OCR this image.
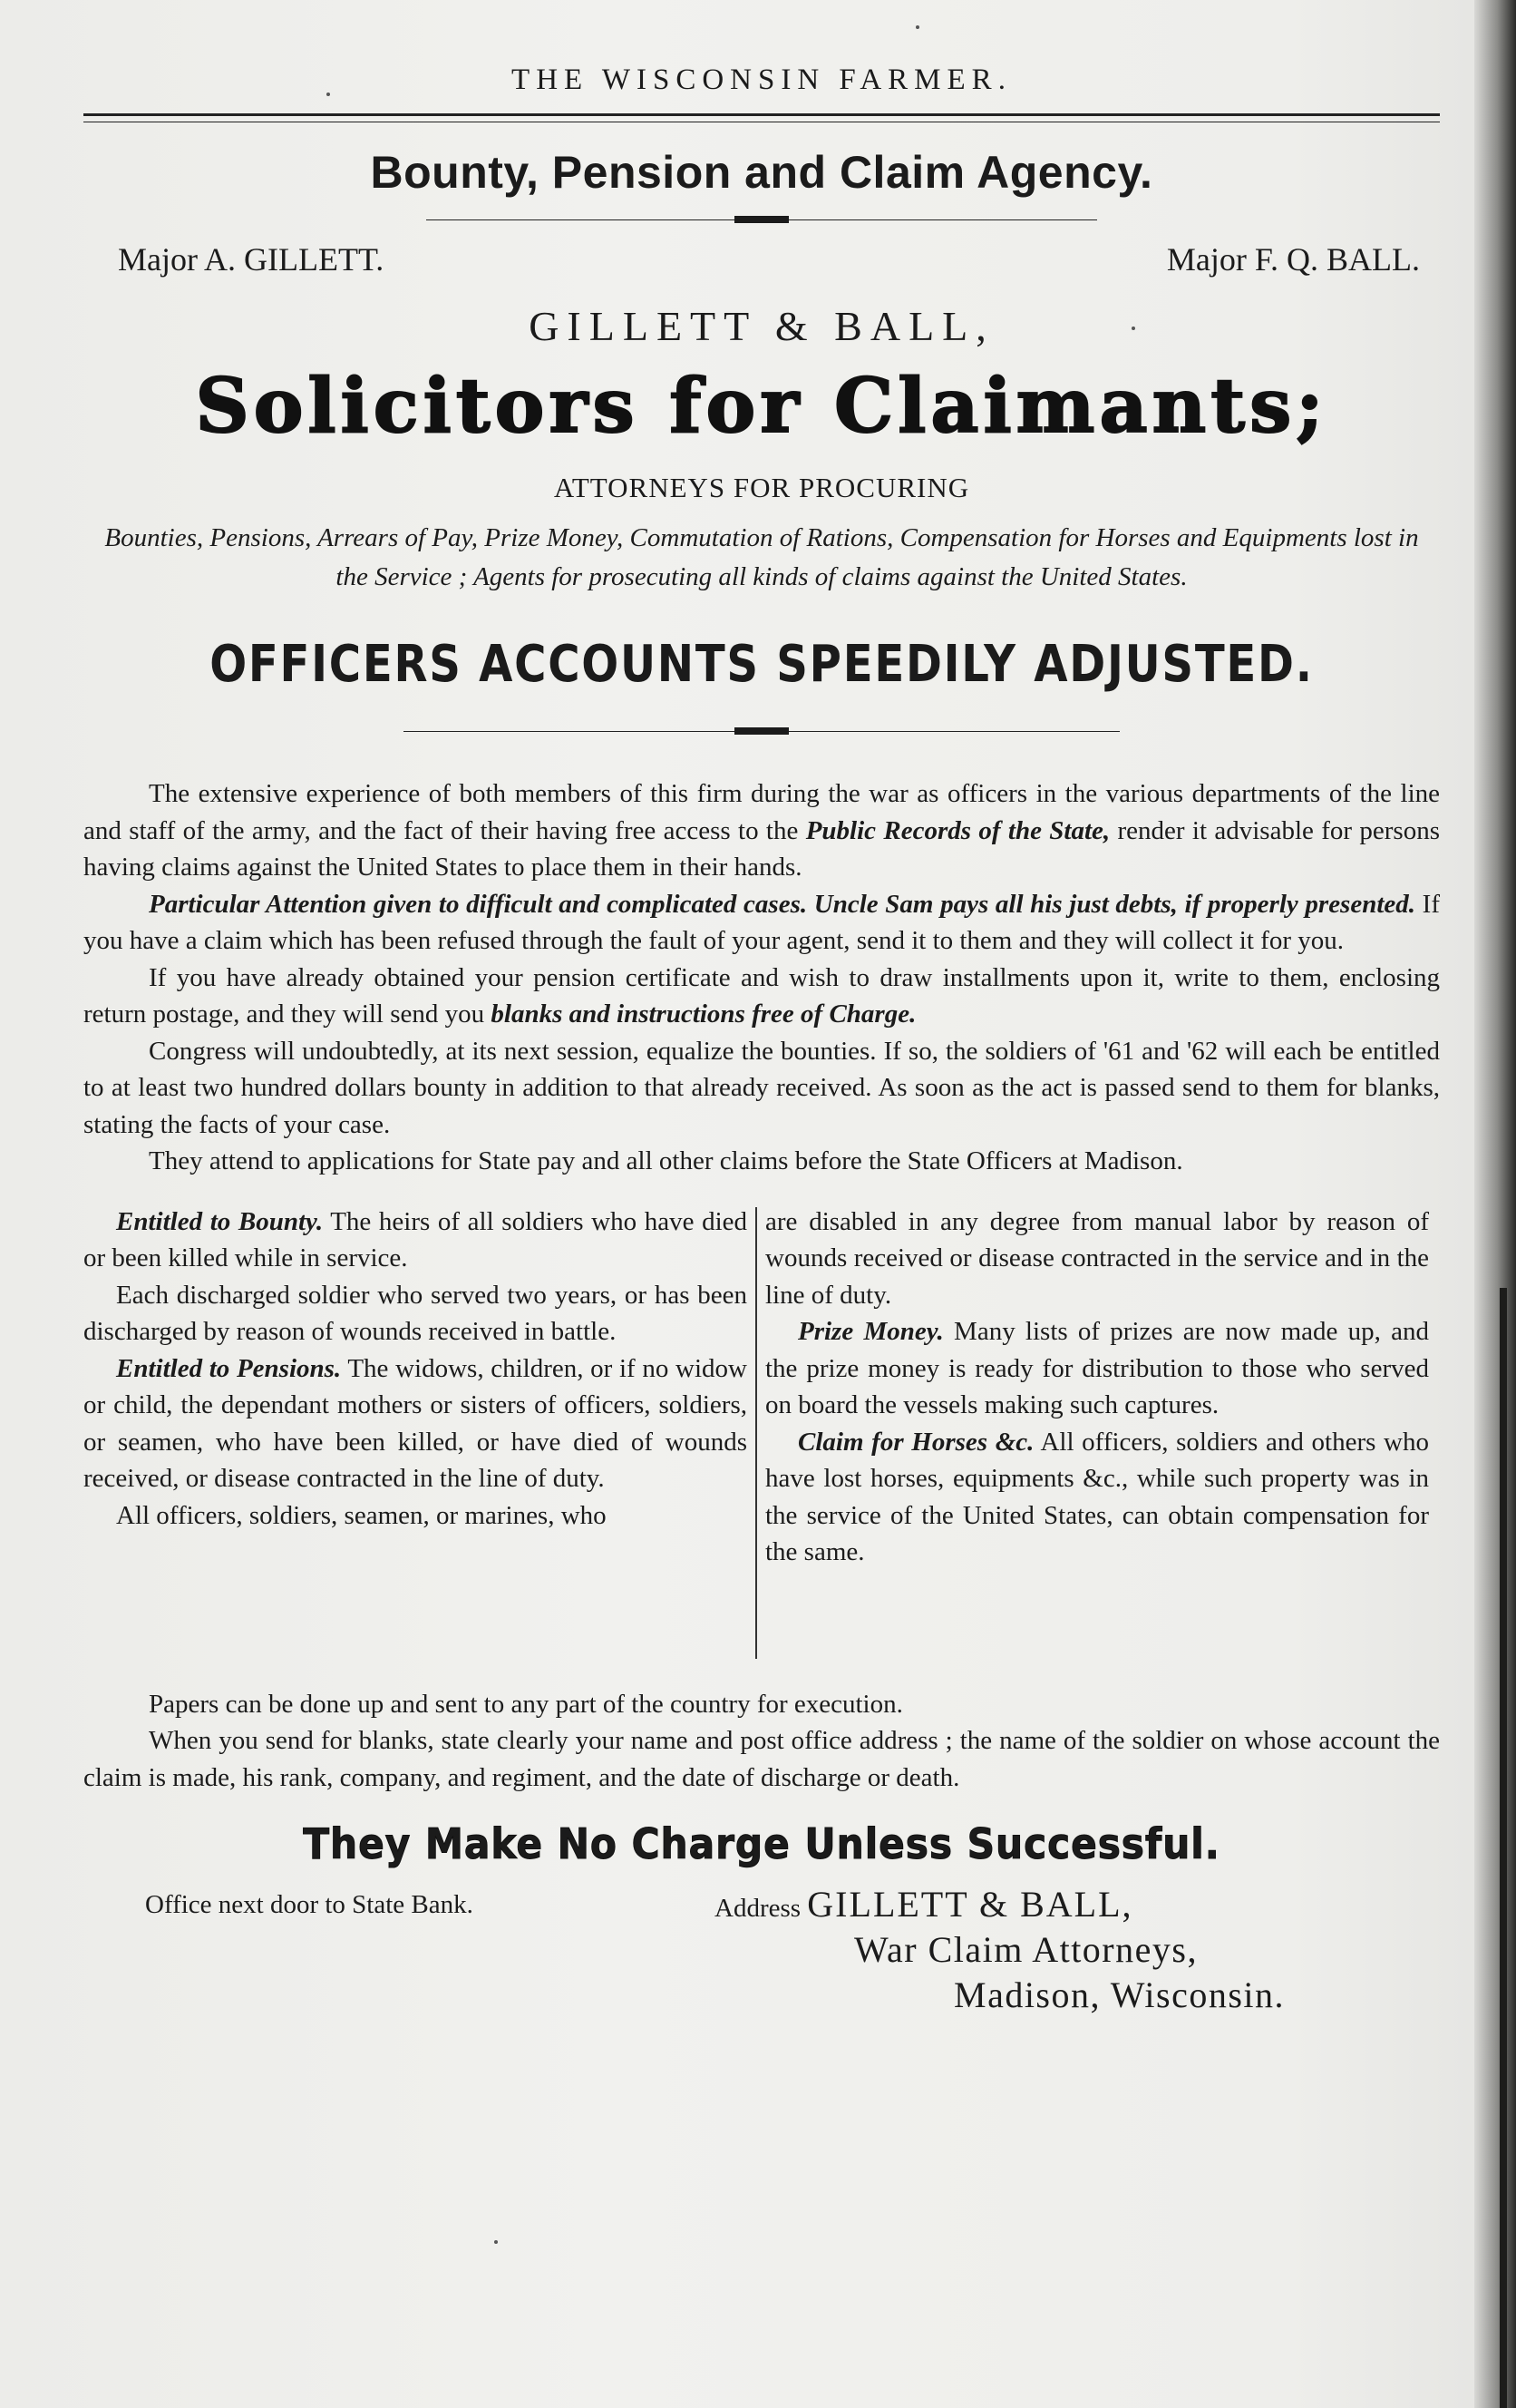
THE WISCONSIN FARMER.
Bounty, Pension and Claim Agency.
Major A. GILLETT.	Major F. Q. BALL.
GILLETT & BALL,
Solicitors for Claimants;
ATTORNEYS FOR PROCURING
Bounties, Pensions, Arrears of Pay, Prize Money, Commutation of Rations, Compensation for Horses and Equipments lost in the Service ; Agents for prosecuting all kinds of claims against the United States.
OFFICERS ACCOUNTS SPEEDILY ADJUSTED.

The extensive experience of both members of this firm during the war as officers in the various departments of the line and staff of the army, and the fact of their having free access to the Public Records of the State, render it advisable for persons having claims against the United States to place them in their hands.

Particular Attention given to difficult and complicated cases. Uncle Sam pays all his just debts, if properly presented. If you have a claim which has been refused through the fault of your agent, send it to them and they will collect it for you.

If you have already obtained your pension certificate and wish to draw installments upon it, write to them, enclosing return postage, and they will send you blanks and instructions free of Charge.

Congress will undoubtedly, at its next session, equalize the bounties. If so, the soldiers of '61 and '62 will each be entitled to at least two hundred dollars bounty in addition to that already received. As soon as the act is passed send to them for blanks, stating the facts of your case.

They attend to applications for State pay and all other claims before the State Officers at Madison.

Entitled to Bounty. The heirs of all soldiers who have died or been killed while in service.

Each discharged soldier who served two years, or has been discharged by reason of wounds received in battle.

Entitled to Pensions. The widows, children, or if no widow or child, the dependant mothers or sisters of officers, soldiers, or seamen, who have been killed, or have died of wounds received, or disease contracted in the line of duty.

All officers, soldiers, seamen, or marines, who

are disabled in any degree from manual labor by reason of wounds received or disease contracted in the service and in the line of duty.

Prize Money. Many lists of prizes are now made up, and the prize money is ready for distribution to those who served on board the vessels making such captures.

Claim for Horses &c. All officers, soldiers and others who have lost horses, equipments &c., while such property was in the service of the United States, can obtain compensation for the same.

Papers can be done up and sent to any part of the country for execution.

When you send for blanks, state clearly your name and post office address ; the name of the soldier on whose account the claim is made, his rank, company, and regiment, and the date of discharge or death.

They Make No Charge Unless Successful.
Office next door to State Bank.	Address GILLETT & BALL,
War Claim Attorneys,
Madison, Wisconsin.
